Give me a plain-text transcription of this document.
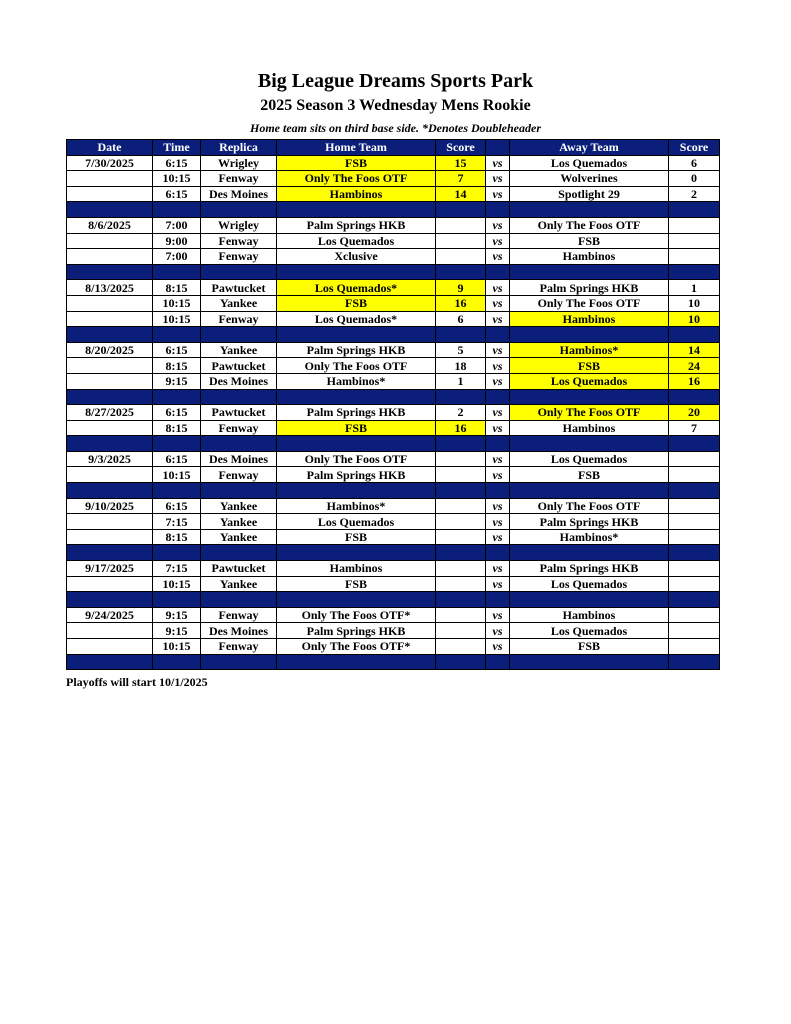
Big League Dreams Sports Park
2025 Season 3 Wednesday Mens Rookie
Home team sits on third base side. *Denotes Doubleheader
Date	Time	Replica	Home Team	Score		Away Team	Score
7/30/2025	6:15	Wrigley	FSB	15	vs	Los Quemados	6
	10:15	Fenway	Only The Foos OTF	7	vs	Wolverines	0
	6:15	Des Moines	Hambinos	14	vs	Spotlight 29	2

8/6/2025	7:00	Wrigley	Palm Springs HKB		vs	Only The Foos OTF	
	9:00	Fenway	Los Quemados		vs	FSB	
	7:00	Fenway	Xclusive		vs	Hambinos	

8/13/2025	8:15	Pawtucket	Los Quemados*	9	vs	Palm Springs HKB	1
	10:15	Yankee	FSB	16	vs	Only The Foos OTF	10
	10:15	Fenway	Los Quemados*	6	vs	Hambinos	10

8/20/2025	6:15	Yankee	Palm Springs HKB	5	vs	Hambinos*	14
	8:15	Pawtucket	Only The Foos OTF	18	vs	FSB	24
	9:15	Des Moines	Hambinos*	1	vs	Los Quemados	16

8/27/2025	6:15	Pawtucket	Palm Springs HKB	2	vs	Only The Foos OTF	20
	8:15	Fenway	FSB	16	vs	Hambinos	7

9/3/2025	6:15	Des Moines	Only The Foos OTF		vs	Los Quemados	
	10:15	Fenway	Palm Springs HKB		vs	FSB	

9/10/2025	6:15	Yankee	Hambinos*		vs	Only The Foos OTF	
	7:15	Yankee	Los Quemados		vs	Palm Springs HKB	
	8:15	Yankee	FSB		vs	Hambinos*	

9/17/2025	7:15	Pawtucket	Hambinos		vs	Palm Springs HKB	
	10:15	Yankee	FSB		vs	Los Quemados	

9/24/2025	9:15	Fenway	Only The Foos OTF*		vs	Hambinos	
	9:15	Des Moines	Palm Springs HKB		vs	Los Quemados	
	10:15	Fenway	Only The Foos OTF*		vs	FSB	

Playoffs will start 10/1/2025
